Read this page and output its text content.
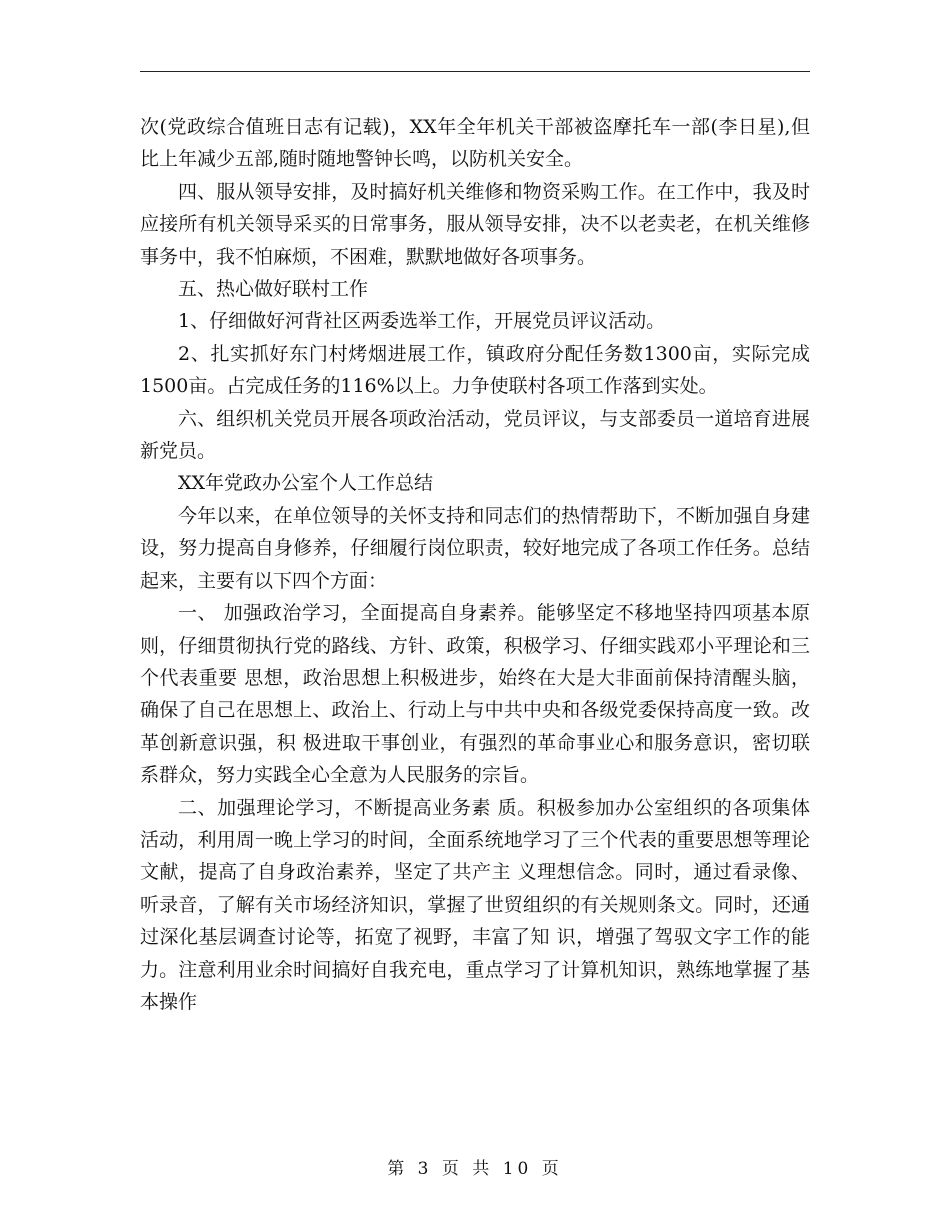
次(党政综合值班日志有记载)，XX年全年机关干部被盗摩托车一部(李日星),但比上年减少五部,随时随地警钟长鸣，以防机关安全。

四、服从领导安排，及时搞好机关维修和物资采购工作。在工作中，我及时应接所有机关领导采买的日常事务，服从领导安排，决不以老卖老，在机关维修事务中，我不怕麻烦，不困难，默默地做好各项事务。

五、热心做好联村工作

1、仔细做好河背社区两委选举工作，开展党员评议活动。

2、扎实抓好东门村烤烟进展工作，镇政府分配任务数1300亩，实际完成1500亩。占完成任务的116%以上。力争使联村各项工作落到实处。

六、组织机关党员开展各项政治活动，党员评议，与支部委员一道培育进展新党员。

XX年党政办公室个人工作总结

今年以来，在单位领导的关怀支持和同志们的热情帮助下，不断加强自身建设，努力提高自身修养，仔细履行岗位职责，较好地完成了各项工作任务。总结起来，主要有以下四个方面：

一、 加强政治学习，全面提高自身素养。能够坚定不移地坚持四项基本原则，仔细贯彻执行党的路线、方针、政策，积极学习、仔细实践邓小平理论和三个代表重要 思想，政治思想上积极进步，始终在大是大非面前保持清醒头脑，确保了自己在思想上、政治上、行动上与中共中央和各级党委保持高度一致。改革创新意识强，积 极进取干事创业，有强烈的革命事业心和服务意识，密切联系群众，努力实践全心全意为人民服务的宗旨。

二、加强理论学习，不断提高业务素 质。积极参加办公室组织的各项集体活动，利用周一晚上学习的时间，全面系统地学习了三个代表的重要思想等理论文献，提高了自身政治素养，坚定了共产主 义理想信念。同时，通过看录像、听录音，了解有关市场经济知识，掌握了世贸组织的有关规则条文。同时，还通过深化基层调查讨论等，拓宽了视野，丰富了知 识，增强了驾驭文字工作的能力。注意利用业余时间搞好自我充电，重点学习了计算机知识，熟练地掌握了基本操作

第 3 页 共 10 页
